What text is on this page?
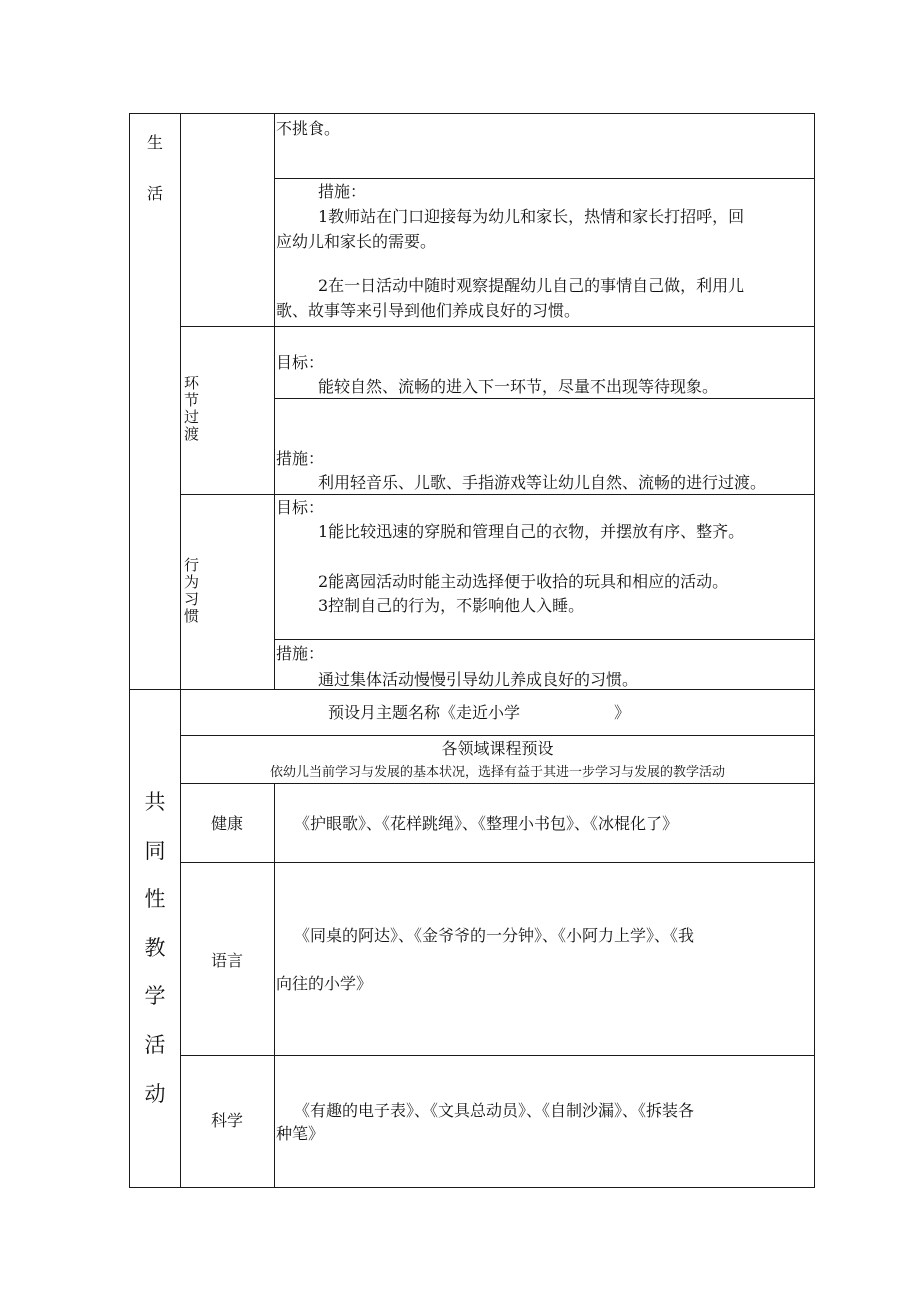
生活
不挑食。
措施：
1教师站在门口迎接每为幼儿和家长，热情和家长打招呼，回
应幼儿和家长的需要。
2在一日活动中随时观察提醒幼儿自己的事情自己做，利用儿
歌、故事等来引导到他们养成良好的习惯。
环节过渡
目标：
能较自然、流畅的进入下一环节，尽量不出现等待现象。
措施：
利用轻音乐、儿歌、手指游戏等让幼儿自然、流畅的进行过渡。
行为习惯
目标：
1能比较迅速的穿脱和管理自己的衣物，并摆放有序、整齐。
2能离园活动时能主动选择便于收拾的玩具和相应的活动。
3控制自己的行为，不影响他人入睡。
措施：
通过集体活动慢慢引导幼儿养成良好的习惯。
共同性教学活动
预设月主题名称《走近小学	》
各领域课程预设
依幼儿当前学习与发展的基本状况，选择有益于其进一步学习与发展的教学活动
健康	《护眼歌》、《花样跳绳》、《整理小书包》、《冰棍化了》
语言
《同桌的阿达》、《金爷爷的一分钟》、《小阿力上学》、《我
向往的小学》
科学
《有趣的电子表》、《文具总动员》、《自制沙漏》、《拆装各
种笔》
